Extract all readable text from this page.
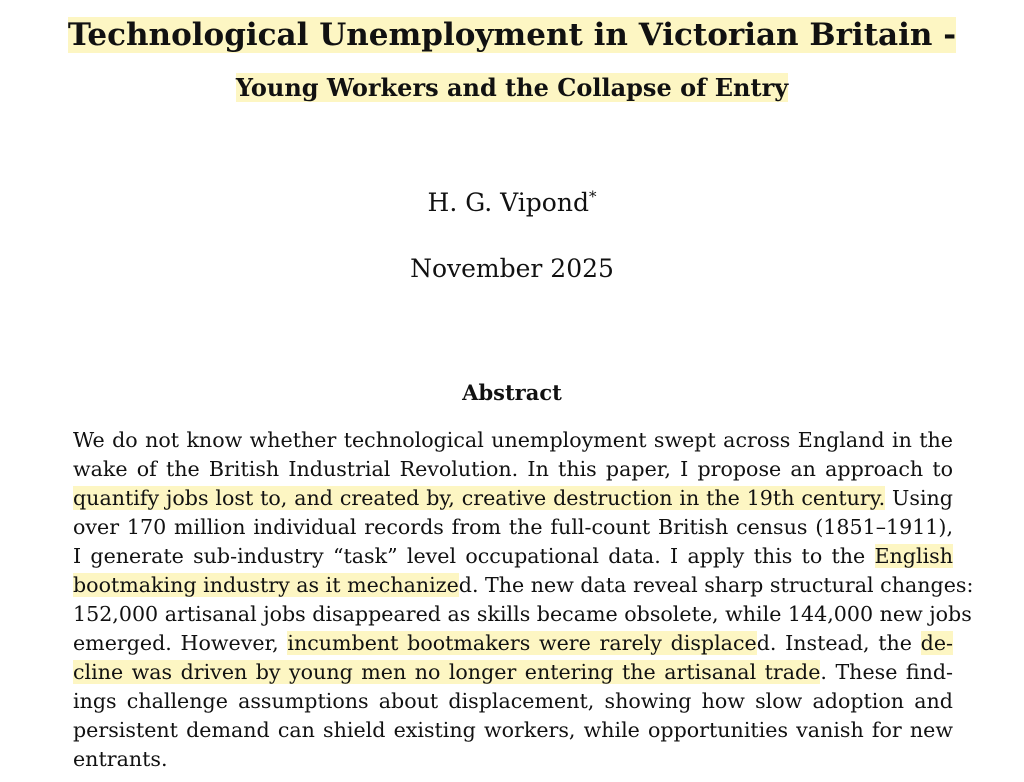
Technological Unemployment in Victorian Britain -
Young Workers and the Collapse of Entry
H. G. Vipond*
November 2025
Abstract
We do not know whether technological unemployment swept across England in the
wake of the British Industrial Revolution. In this paper, I propose an approach to
quantify jobs lost to, and created by, creative destruction in the 19th century. Using
over 170 million individual records from the full-count British census (1851–1911),
I generate sub-industry “task” level occupational data. I apply this to the English
bootmaking industry as it mechanized. The new data reveal sharp structural changes:
152,000 artisanal jobs disappeared as skills became obsolete, while 144,000 new jobs
emerged. However, incumbent bootmakers were rarely displaced. Instead, the de-
cline was driven by young men no longer entering the artisanal trade. These find-
ings challenge assumptions about displacement, showing how slow adoption and
persistent demand can shield existing workers, while opportunities vanish for new
entrants.
